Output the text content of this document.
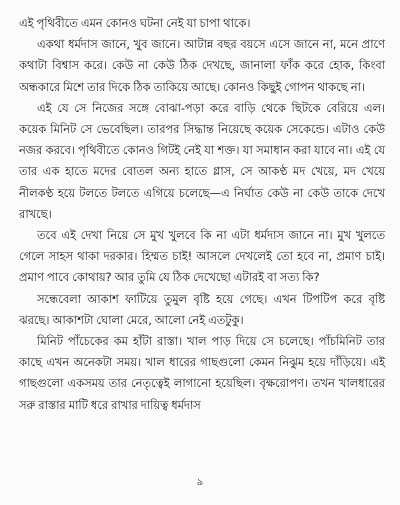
এই পৃথিবীতে এমন কোনও ঘটনা নেই যা চাপা থাকে।

একথা ধর্মদাস জানে, খুব জানে। আটান্ন বছর বয়সে এসে জানে না, মনে প্রাণে কথাটা বিশ্বাস করে। কেউ না কেউ ঠিক দেখছে, জানালা ফাঁক করে হোক, কিংবা অন্ধকারে মিশে তার দিকে ঠিক তাকিয়ে আছে। কোনও কিছুই গোপন থাকছে না।

এই যে সে নিজের সঙ্গে বোঝা-পড়া করে বাড়ি থেকে ছিটকে বেরিয়ে এল। কয়েক মিনিট সে ভেবেছিল। তারপর সিদ্ধান্ত নিয়েছে কয়েক সেকেন্ডে। এটাও কেউ নজর করবে। পৃথিবীতে কোনও গিটই নেই যা শক্ত। যা সমাধান করা যাবে না। এই যে তার এক হাতে মদের বোতল অন্য হাতে গ্লাস, সে আকণ্ঠ মদ খেয়ে, মদ খেয়ে নীলকণ্ঠ হয়ে টলতে টলতে এগিয়ে চলেছে—এ নির্ঘাত কেউ না কেউ তাকে দেখে রাখছে।

তবে এই দেখা নিয়ে সে মুখ খুলবে কি না এটা ধর্মদাস জানে না। মুখ খুলতে গেলে সাহস থাকা দরকার। হিম্মত চাই! আসলে দেখলেই তো হবে না, প্রমাণ চাই। প্রমাণ পাবে কোথায়? আর তুমি যে ঠিক দেখেছো এটারই বা সত্য কি?

সন্ধেবেলা আকাশ ফাটিয়ে তুমুল বৃষ্টি হয়ে গেছে। এখন টিপটিপ করে বৃষ্টি ঝরছে। আকাশটা ঘোলা মেরে, আলো নেই এতটুকু।

মিনিট পাঁচেকের কম হাঁটা রাস্তা। খাল পাড় দিয়ে সে চলেছে। পাঁচমিনিট তার কাছে এখন অনেকটা সময়। খাল ধারের গাছগুলো কেমন নিঝুম হয়ে দাঁড়িয়ে। এই গাছগুলো একসময় তার নেতৃত্বেই লাগানো হয়েছিল। বৃক্ষরোপণ। তখন খালধারের সরু রাস্তার মাটি ধরে রাখার দায়িত্ব ধর্মদাস

৯
